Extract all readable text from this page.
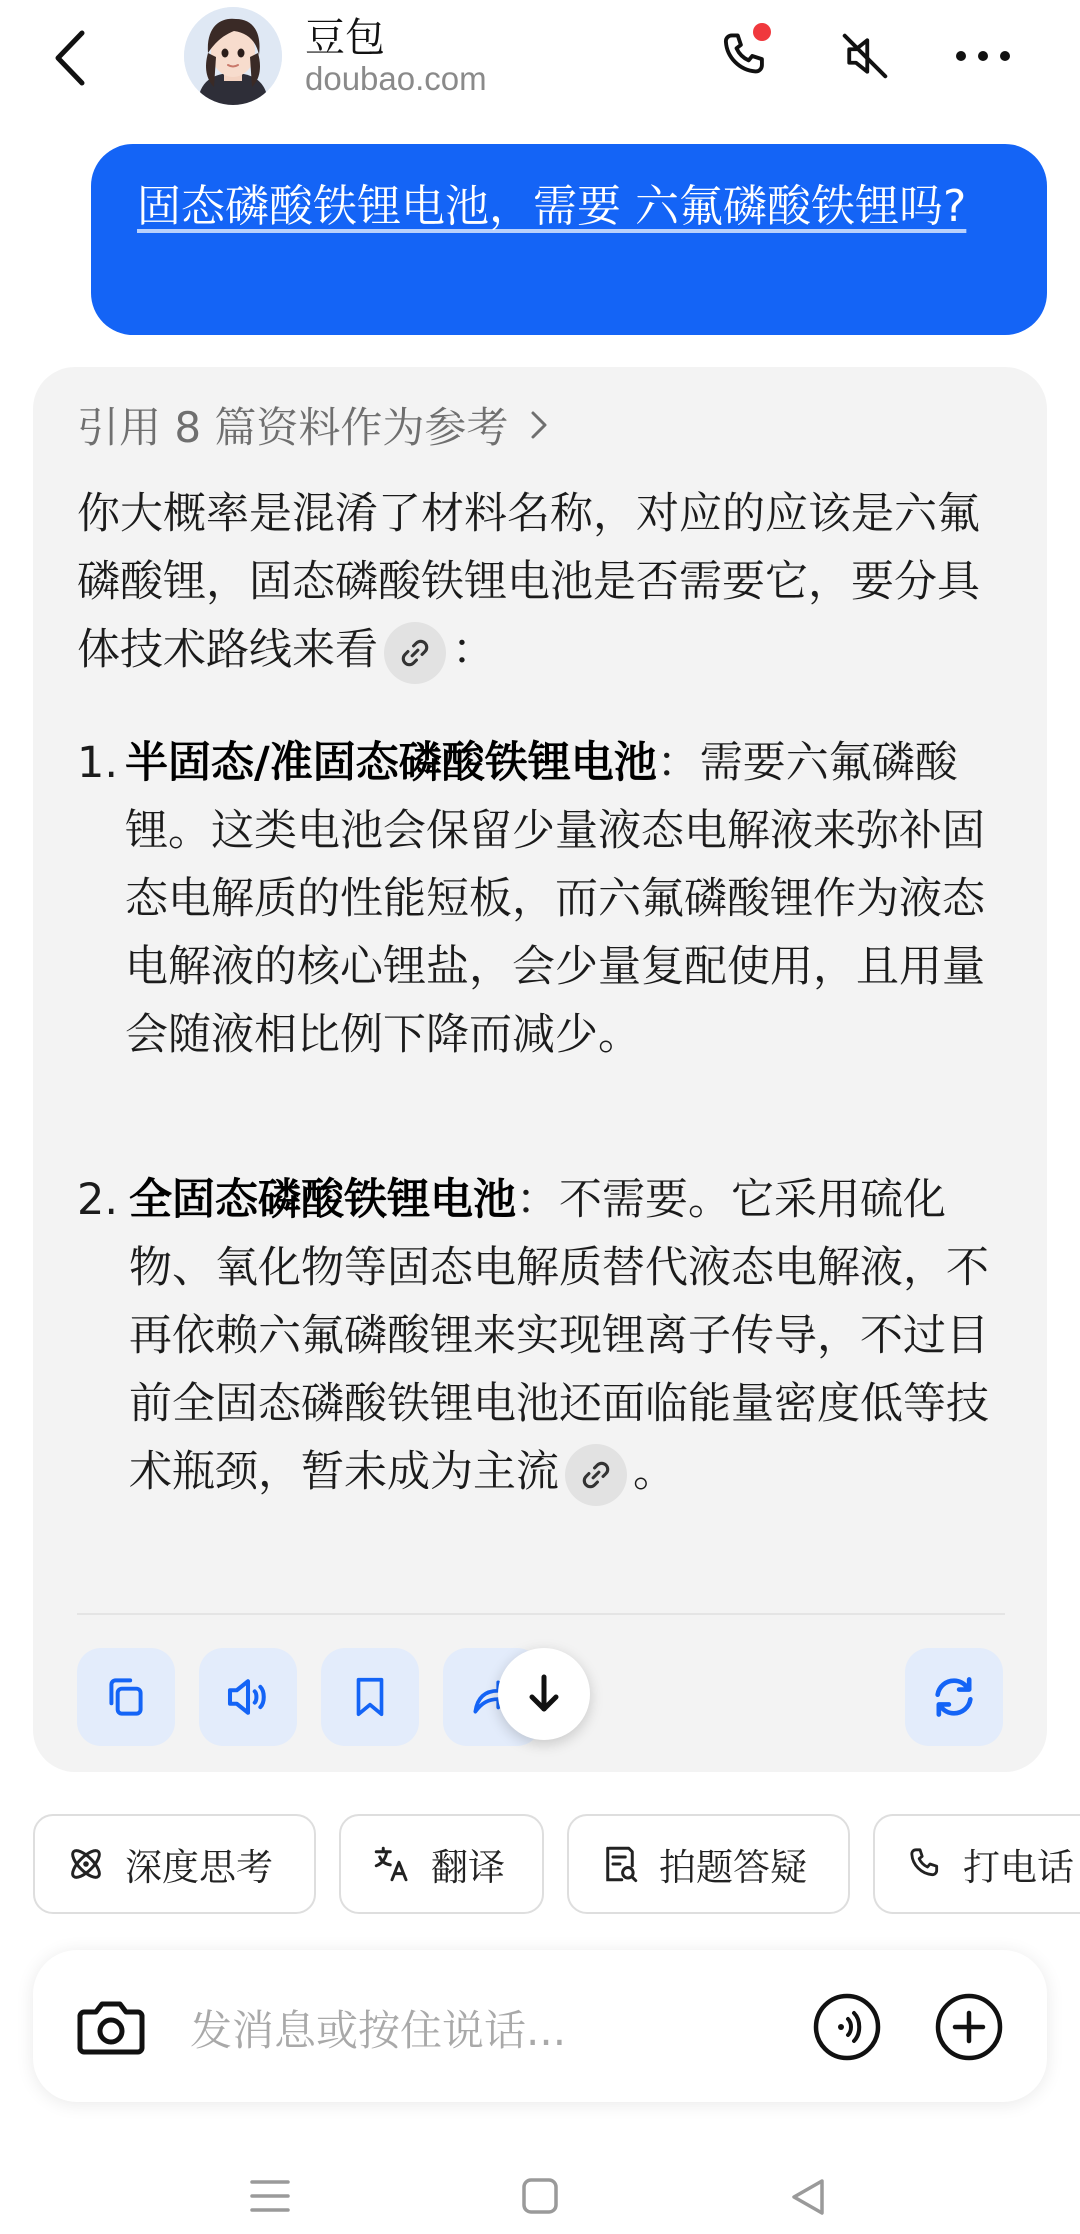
豆包
doubao.com
固态磷酸铁锂电池，需要 六氟磷酸铁锂吗?
引用 8 篇资料作为参考
你大概率是混淆了材料名称，对应的应该是六氟磷酸锂，固态磷酸铁锂电池是否需要它，要分具体技术路线来看 ：
1. 半固态/准固态磷酸铁锂电池：需要六氟磷酸锂。这类电池会保留少量液态电解液来弥补固态电解质的性能短板，而六氟磷酸锂作为液态电解液的核心锂盐，会少量复配使用，且用量会随液相比例下降而减少。
2. 全固态磷酸铁锂电池：不需要。它采用硫化物、氧化物等固态电解质替代液态电解液，不再依赖六氟磷酸锂来实现锂离子传导，不过目前全固态磷酸铁锂电池还面临能量密度低等技术瓶颈，暂未成为主流 。
深度思考	翻译	拍题答疑	打电话
发消息或按住说话...
